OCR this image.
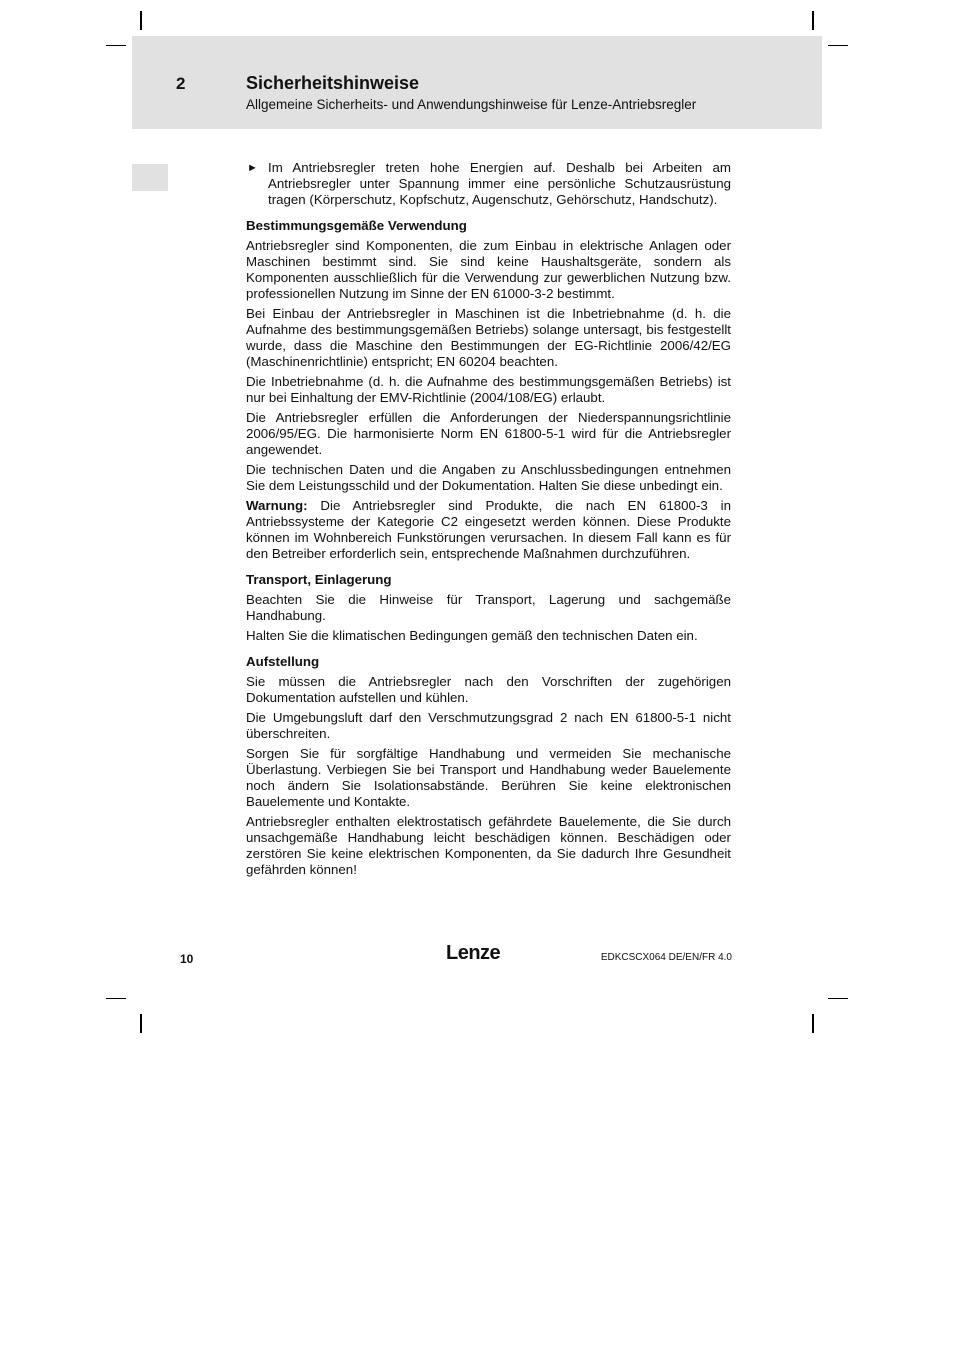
2	Sicherheitshinweise
Allgemeine Sicherheits- und Anwendungshinweise für Lenze-Antriebsregler
► Im Antriebsregler treten hohe Energien auf. Deshalb bei Arbeiten am Antriebsregler unter Spannung immer eine persönliche Schutzausrüstung tragen (Körperschutz, Kopfschutz, Augenschutz, Gehörschutz, Handschutz).
Bestimmungsgemäße Verwendung

Antriebsregler sind Komponenten, die zum Einbau in elektrische Anlagen oder Maschinen bestimmt sind. Sie sind keine Haushaltsgeräte, sondern als Komponenten ausschließlich für die Verwendung zur gewerblichen Nutzung bzw. professionellen Nutzung im Sinne der EN 61000-3-2 bestimmt.

Bei Einbau der Antriebsregler in Maschinen ist die Inbetriebnahme (d. h. die Aufnahme des bestimmungsgemäßen Betriebs) solange untersagt, bis festgestellt wurde, dass die Maschine den Bestimmungen der EG-Richtlinie 2006/42/EG (Maschinenrichtlinie) entspricht; EN 60204 beachten.

Die Inbetriebnahme (d. h. die Aufnahme des bestimmungsgemäßen Betriebs) ist nur bei Einhaltung der EMV-Richtlinie (2004/108/EG) erlaubt.

Die Antriebsregler erfüllen die Anforderungen der Niederspannungsrichtlinie 2006/95/EG. Die harmonisierte Norm EN 61800-5-1 wird für die Antriebsregler angewendet.

Die technischen Daten und die Angaben zu Anschlussbedingungen entnehmen Sie dem Leistungsschild und der Dokumentation. Halten Sie diese unbedingt ein.

Warnung: Die Antriebsregler sind Produkte, die nach EN 61800-3 in Antriebssysteme der Kategorie C2 eingesetzt werden können. Diese Produkte können im Wohnbereich Funkstörungen verursachen. In diesem Fall kann es für den Betreiber erforderlich sein, entsprechende Maßnahmen durchzuführen.

Transport, Einlagerung

Beachten Sie die Hinweise für Transport, Lagerung und sachgemäße Handhabung.

Halten Sie die klimatischen Bedingungen gemäß den technischen Daten ein.

Aufstellung

Sie müssen die Antriebsregler nach den Vorschriften der zugehörigen Dokumentation aufstellen und kühlen.

Die Umgebungsluft darf den Verschmutzungsgrad 2 nach EN 61800-5-1 nicht überschreiten.

Sorgen Sie für sorgfältige Handhabung und vermeiden Sie mechanische Überlastung. Verbiegen Sie bei Transport und Handhabung weder Bauelemente noch ändern Sie Isolationsabstände. Berühren Sie keine elektronischen Bauelemente und Kontakte.

Antriebsregler enthalten elektrostatisch gefährdete Bauelemente, die Sie durch unsachgemäße Handhabung leicht beschädigen können. Beschädigen oder zerstören Sie keine elektrischen Komponenten, da Sie dadurch Ihre Gesundheit gefährden können!

10	Lenze	EDKCSCX064 DE/EN/FR 4.0
